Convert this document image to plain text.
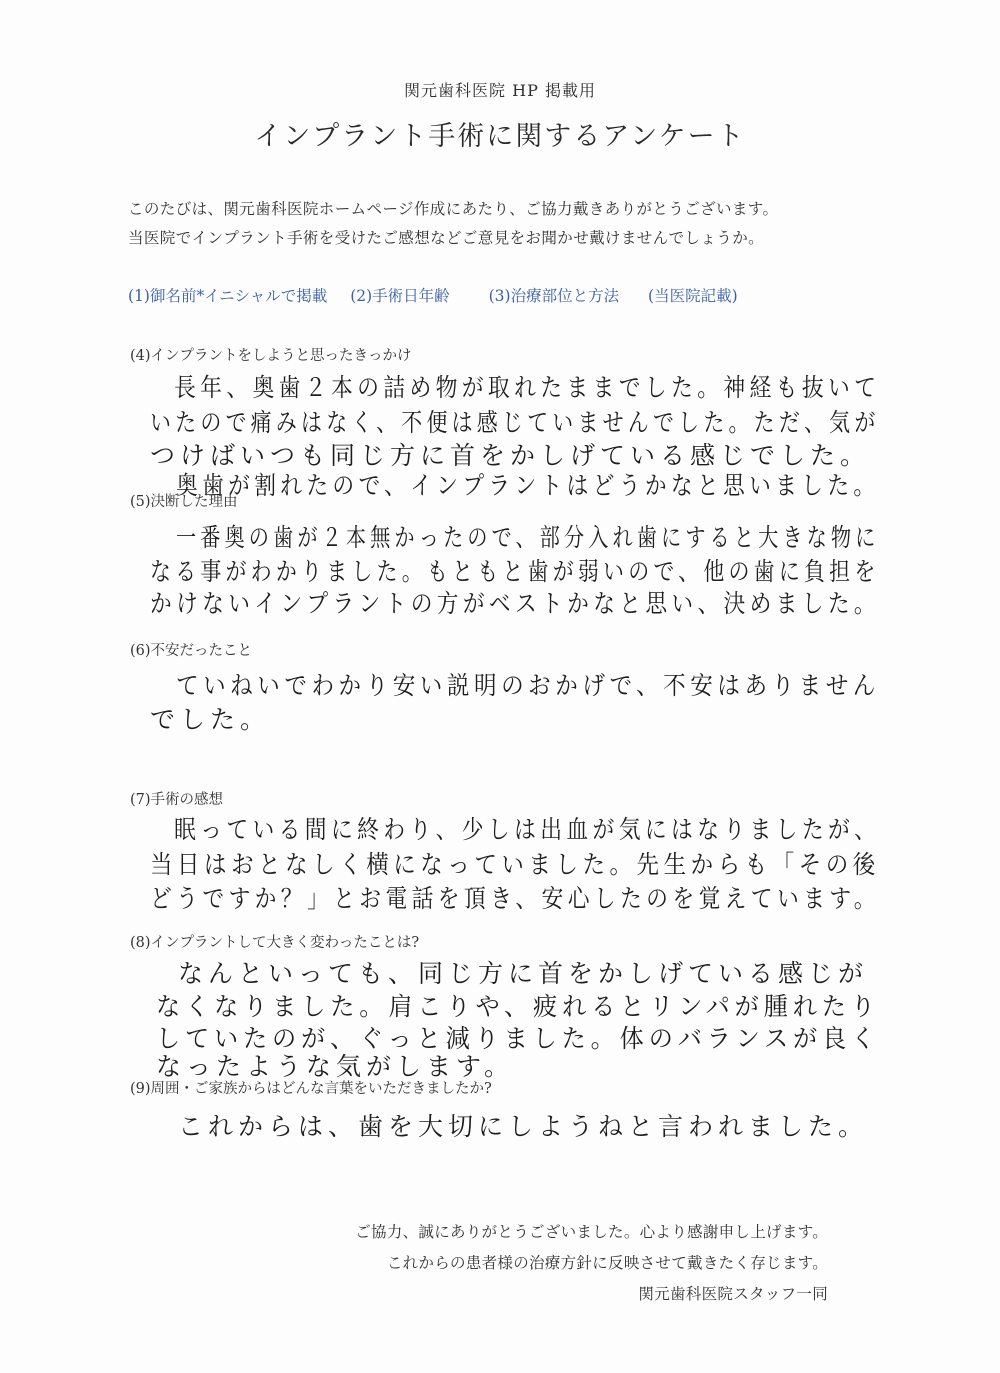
関元歯科医院 HP 掲載用
インプラント手術に関するアンケート
このたびは、関元歯科医院ホームページ作成にあたり、ご協力戴きありがとうございます。
当医院でインプラント手術を受けたご感想などご意見をお聞かせ戴けませんでしょうか。
(1)御名前*イニシャルで掲載 (2)手術日年齢	(3)治療部位と方法 (当医院記載)
(4)インプラントをしようと思ったきっかけ
長年、奥歯２本の詰め物が取れたままでした。神経も抜いて
いたので痛みはなく、不便は感じていませんでした。ただ、気が
つけばいつも同じ方に首をかしげている感じでした。
奥歯が割れたので、インプラントはどうかなと思いました。
(5)決断した理由
一番奥の歯が２本無かったので、部分入れ歯にすると大きな物に
なる事がわかりました。もともと歯が弱いので、他の歯に負担を
かけないインプラントの方がベストかなと思い、決めました。
(6)不安だったこと
ていねいでわかり安い説明のおかげで、不安はありません
でした。
(7)手術の感想
眠っている間に終わり、少しは出血が気にはなりましたが、
当日はおとなしく横になっていました。先生からも「その後
どうですか？」とお電話を頂き、安心したのを覚えています。
(8)インプラントして大きく変わったことは?
なんといっても、同じ方に首をかしげている感じが
なくなりました。肩こりや、疲れるとリンパが腫れたり
していたのが、ぐっと減りました。体のバランスが良く
なったような気がします。
(9)周囲・ご家族からはどんな言葉をいただきましたか?
これからは、歯を大切にしようねと言われました。
ご協力、誠にありがとうございました。心より感謝申し上げます。
これからの患者様の治療方針に反映させて戴きたく存じます。
関元歯科医院スタッフ一同
